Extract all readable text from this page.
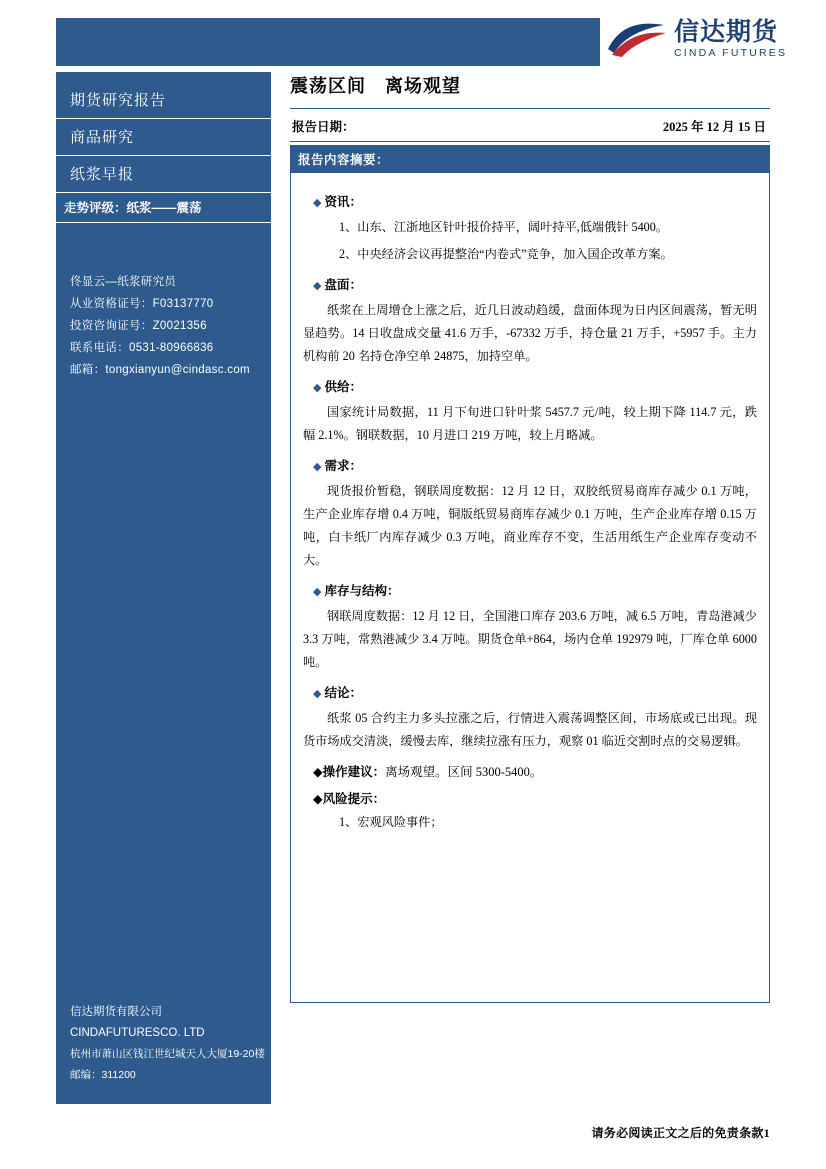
信达期货
CINDA FUTURES
期货研究报告
商品研究
纸浆早报
走势评级：纸浆——震荡
佟显云—纸浆研究员
从业资格证号：F03137770
投资咨询证号：Z0021356
联系电话：0531-80966836
邮箱：tongxianyun@cindasc.com
信达期货有限公司
CINDAFUTURESCO. LTD
杭州市萧山区钱江世纪城天人大厦19-20楼
邮编：311200
震荡区间　离场观望
报告日期：	2025 年 12 月 15 日
报告内容摘要：
◆ 资讯：

1、山东、江浙地区针叶报价持平，阔叶持平,低端俄针 5400。

2、中央经济会议再提整治“内卷式”竞争，加入国企改革方案。

◆ 盘面：

纸浆在上周增仓上涨之后，近几日波动趋缓，盘面体现为日内区间震荡，暂无明显趋势。14 日收盘成交量 41.6 万手，-67332 万手，持仓量 21 万手，+5957 手。主力机构前 20 名持仓净空单 24875，加持空单。

◆ 供给：

国家统计局数据，11 月下旬进口针叶浆 5457.7 元/吨，较上期下降 114.7 元，跌幅 2.1%。钢联数据，10 月进口 219 万吨，较上月略减。

◆ 需求：

现货报价暂稳，钢联周度数据：12 月 12 日，双胶纸贸易商库存减少 0.1 万吨，生产企业库存增 0.4 万吨，铜版纸贸易商库存减少 0.1 万吨，生产企业库存增 0.15 万吨，白卡纸厂内库存减少 0.3 万吨，商业库存不变，生活用纸生产企业库存变动不大。

◆ 库存与结构：

钢联周度数据：12 月 12 日，全国港口库存 203.6 万吨，减 6.5 万吨，青岛港减少 3.3 万吨，常熟港减少 3.4 万吨。期货仓单+864，场内仓单 192979 吨，厂库仓单 6000 吨。

◆ 结论：

纸浆 05 合约主力多头拉涨之后，行情进入震荡调整区间，市场底或已出现。现货市场成交清淡，缓慢去库，继续拉涨有压力，观察 01 临近交割时点的交易逻辑。

◆操作建议：离场观望。区间 5300-5400。
◆风险提示：

1、宏观风险事件；

请务必阅读正文之后的免责条款1
